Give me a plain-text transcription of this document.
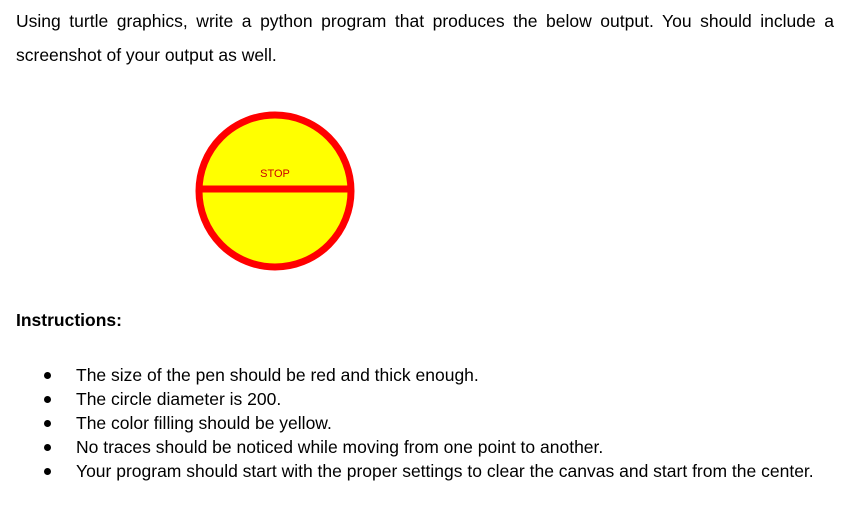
Using turtle graphics, write a python program that produces the below output. You should include a screenshot of your output as well.

STOP

Instructions:

The size of the pen should be red and thick enough.
The circle diameter is 200.
The color filling should be yellow.
No traces should be noticed while moving from one point to another.
Your program should start with the proper settings to clear the canvas and start from the center.
